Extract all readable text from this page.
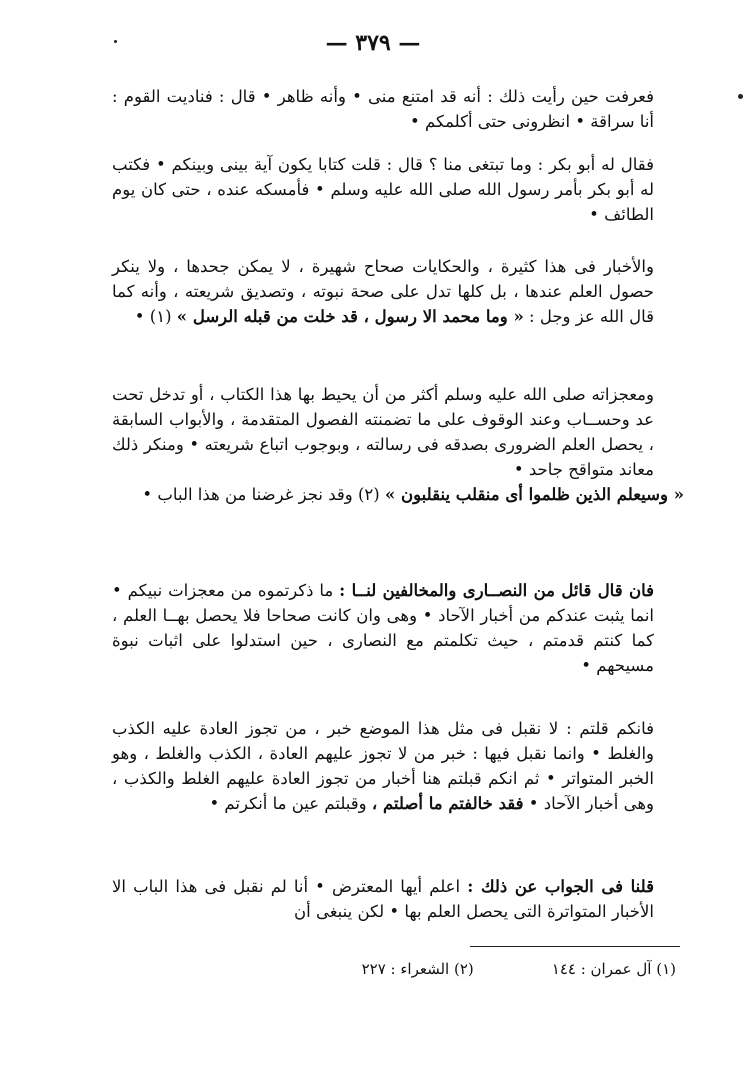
— ٣٧٩ —

فعرفت حين رأيت ذلك : أنه قد امتنع منى • وأنه ظاهر • قال : فناديت القوم : أنا سراقة • انظرونى حتى أكلمكم •

فقال له أبو بكر : وما تبتغى منا ؟ قال : قلت كتابا يكون آية بينى وبينكم • فكتب له أبو بكر بأمر رسول الله صلى الله عليه وسلم • فأمسكه عنده ، حتى كان يوم الطائف •

والأخبار فى هذا كثيرة ، والحكايات صحاح شهيرة ، لا يمكن جحدها ، ولا ينكر حصول العلم عندها ، بل كلها تدل على صحة نبوته ، وتصديق شريعته ، وأنه كما قال الله عز وجل : « وما محمد الا رسول ، قد خلت من قبله الرسل » (١) •

ومعجزاته صلى الله عليه وسلم أكثر من أن يحيط بها هذا الكتاب ، أو تدخل تحت عد وحســاب وعند الوقوف على ما تضمنته الفصول المتقدمة ، والأبواب السابقة ، يحصل العلم الضرورى بصدقه فى رسالته ، وبوجوب اتباع شريعته • ومنكر ذلك معاند متواقح جاحد •

« وسيعلم الذين ظلموا أى منقلب ينقلبون » (٢) وقد نجز غرضنا من هذا الباب •

فان قال قائل من النصــارى والمخالفين لنــا : ما ذكرتموه من معجزات نبيكم • انما يثبت عندكم من أخبار الآحاد • وهى وان كانت صحاحا فلا يحصل بهــا العلم ، كما كنتم قدمتم ، حيث تكلمتم مع النصارى ، حين استدلوا على اثبات نبوة مسيحهم •

فانكم قلتم : لا نقبل فى مثل هذا الموضع خبر ، من تجوز العادة عليه الكذب والغلط • وانما نقبل فيها : خبر من لا تجوز عليهم العادة ، الكذب والغلط ، وهو الخبر المتواتر • ثم انكم قبلتم هنا أخبار من تجوز العادة عليهم الغلط والكذب ، وهى أخبار الآحاد • فقد خالفتم ما أصلتم ، وقبلتم عين ما أنكرتم •

قلنا فى الجواب عن ذلك : اعلم أيها المعترض • أنا لم نقبل فى هذا الباب الا الأخبار المتواترة التى يحصل العلم بها • لكن ينبغى أن

(١) آل عمران : ١٤٤
(٢) الشعراء : ٢٢٧
